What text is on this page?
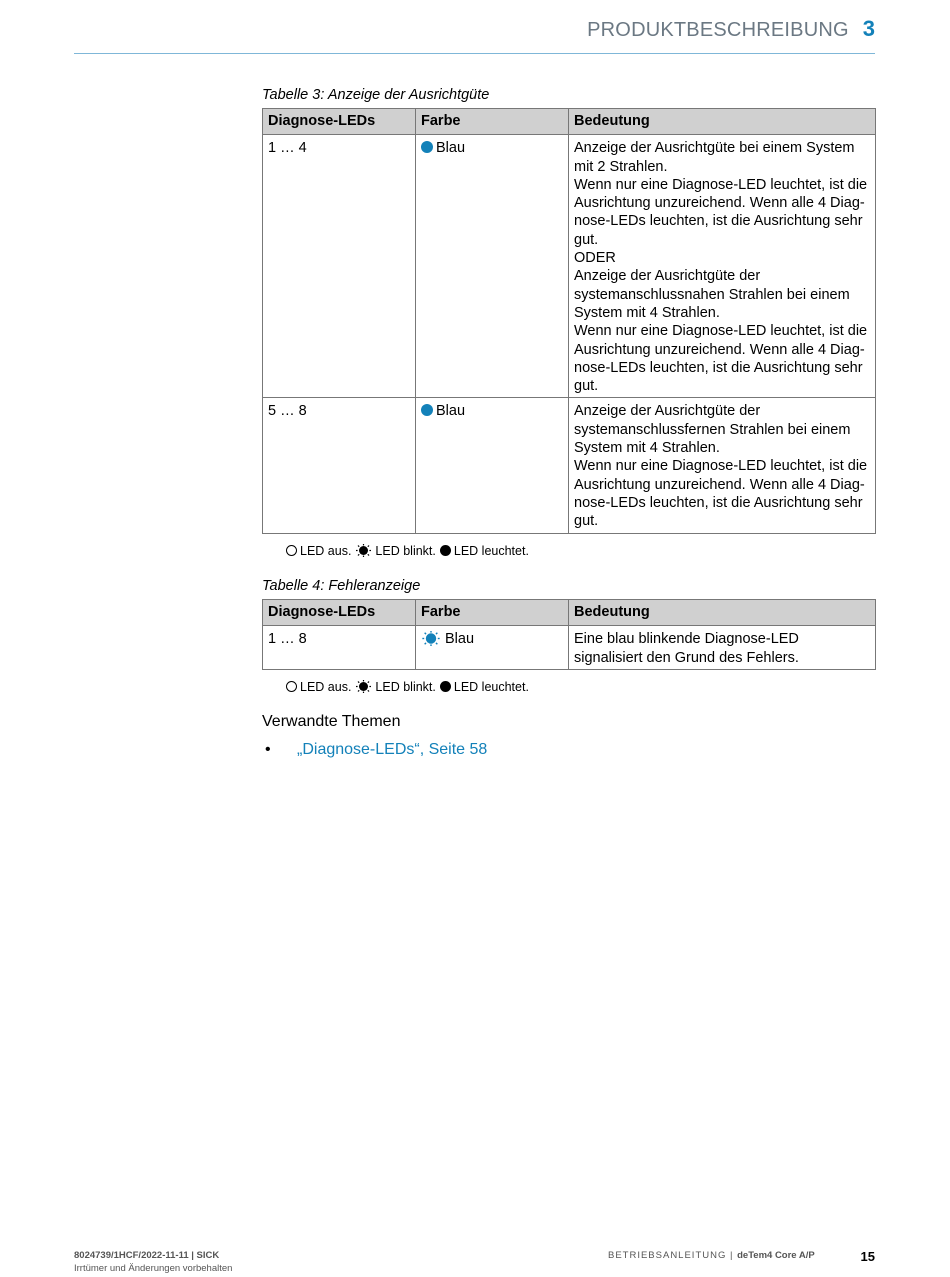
PRODUKTBESCHREIBUNG 3

Tabelle 3: Anzeige der Ausrichtgüte

Diagnose-LEDs	Farbe	Bedeutung
1 … 4	Blau	Anzeige der Ausrichtgüte bei einem System mit 2 Strahlen.
Wenn nur eine Diagnose-LED leuchtet, ist die Ausrichtung unzureichend. Wenn alle 4 Diagnose-LEDs leuchten, ist die Ausrichtung sehr gut.
ODER
Anzeige der Ausrichtgüte der systemanschlussnahen Strahlen bei einem System mit 4 Strahlen.
Wenn nur eine Diagnose-LED leuchtet, ist die Ausrichtung unzureichend. Wenn alle 4 Diagnose-LEDs leuchten, ist die Ausrichtung sehr gut.

5 … 8	Blau	Anzeige der Ausrichtgüte der systemanschlussfernen Strahlen bei einem System mit 4 Strahlen.
Wenn nur eine Diagnose-LED leuchtet, ist die Ausrichtung unzureichend. Wenn alle 4 Diagnose-LEDs leuchten, ist die Ausrichtung sehr gut.
LED aus. LED blinkt. LED leuchtet.

Tabelle 4: Fehleranzeige

Diagnose-LEDs	Farbe	Bedeutung
1 … 8	Blau	Eine blau blinkende Diagnose-LED signalisiert den Grund des Fehlers.
LED aus. LED blinkt. LED leuchtet.

Verwandte Themen

• „Diagnose-LEDs“, Seite 58
8024739/1HCF/2022-11-11 | SICK
Irrtümer und Änderungen vorbehalten
BETRIEBSANLEITUNG | deTem4 Core A/P	15
